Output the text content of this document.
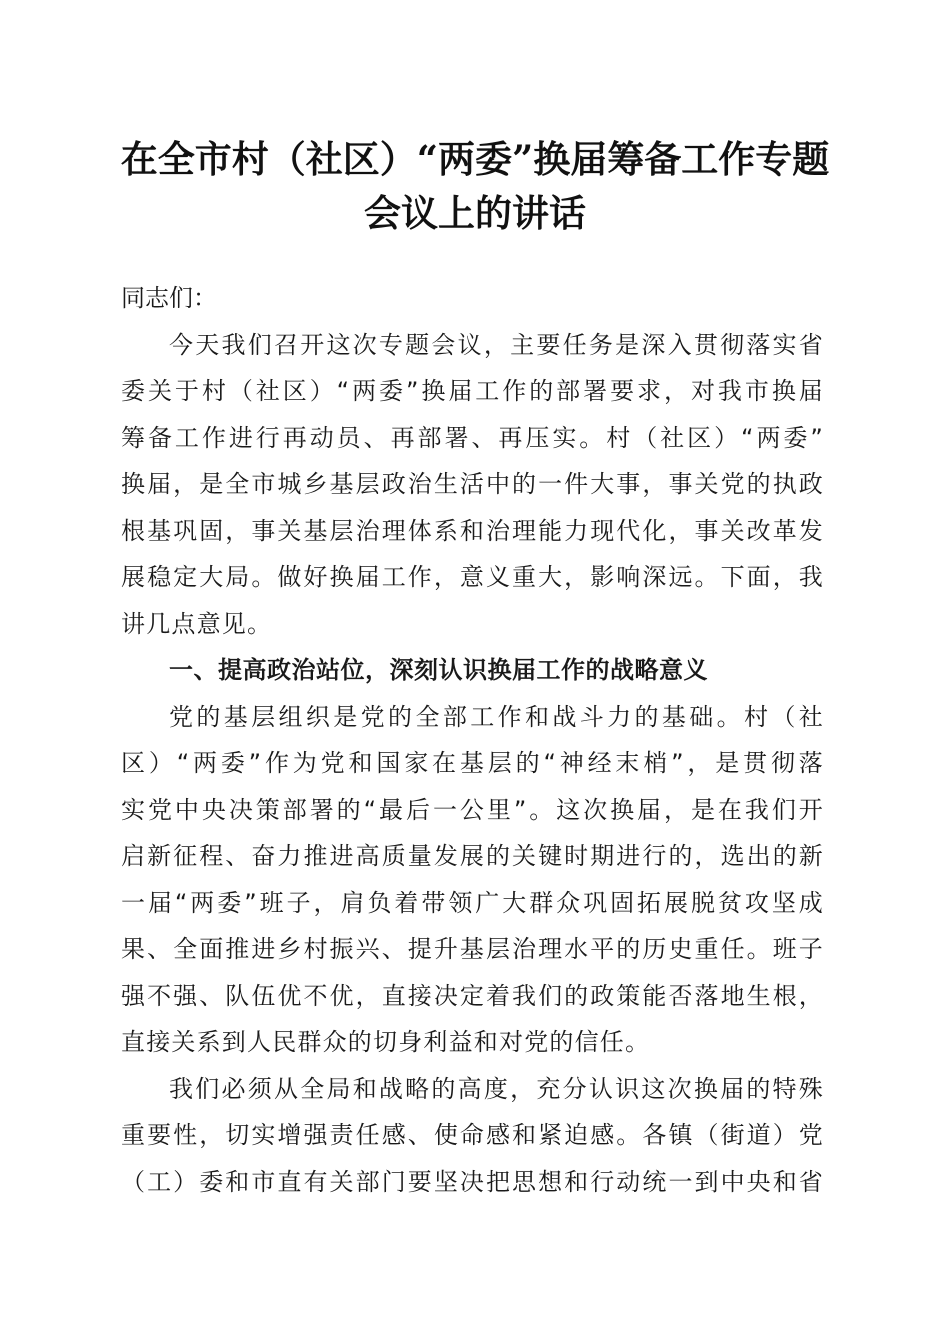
在全市村（社区）“两委”换届筹备工作专题
会议上的讲话

同志们：

今天我们召开这次专题会议，主要任务是深入贯彻落实省
委关于村（社区）“两委”换届工作的部署要求，对我市换届
筹备工作进行再动员、再部署、再压实。村（社区）“两委”
换届，是全市城乡基层政治生活中的一件大事，事关党的执政
根基巩固，事关基层治理体系和治理能力现代化，事关改革发
展稳定大局。做好换届工作，意义重大，影响深远。下面，我
讲几点意见。

一、提高政治站位，深刻认识换届工作的战略意义

党的基层组织是党的全部工作和战斗力的基础。村（社
区）“两委”作为党和国家在基层的“神经末梢”，是贯彻落
实党中央决策部署的“最后一公里”。这次换届，是在我们开
启新征程、奋力推进高质量发展的关键时期进行的，选出的新
一届“两委”班子，肩负着带领广大群众巩固拓展脱贫攻坚成
果、全面推进乡村振兴、提升基层治理水平的历史重任。班子
强不强、队伍优不优，直接决定着我们的政策能否落地生根，
直接关系到人民群众的切身利益和对党的信任。

我们必须从全局和战略的高度，充分认识这次换届的特殊
重要性，切实增强责任感、使命感和紧迫感。各镇（街道）党
（工）委和市直有关部门要坚决把思想和行动统一到中央和省
